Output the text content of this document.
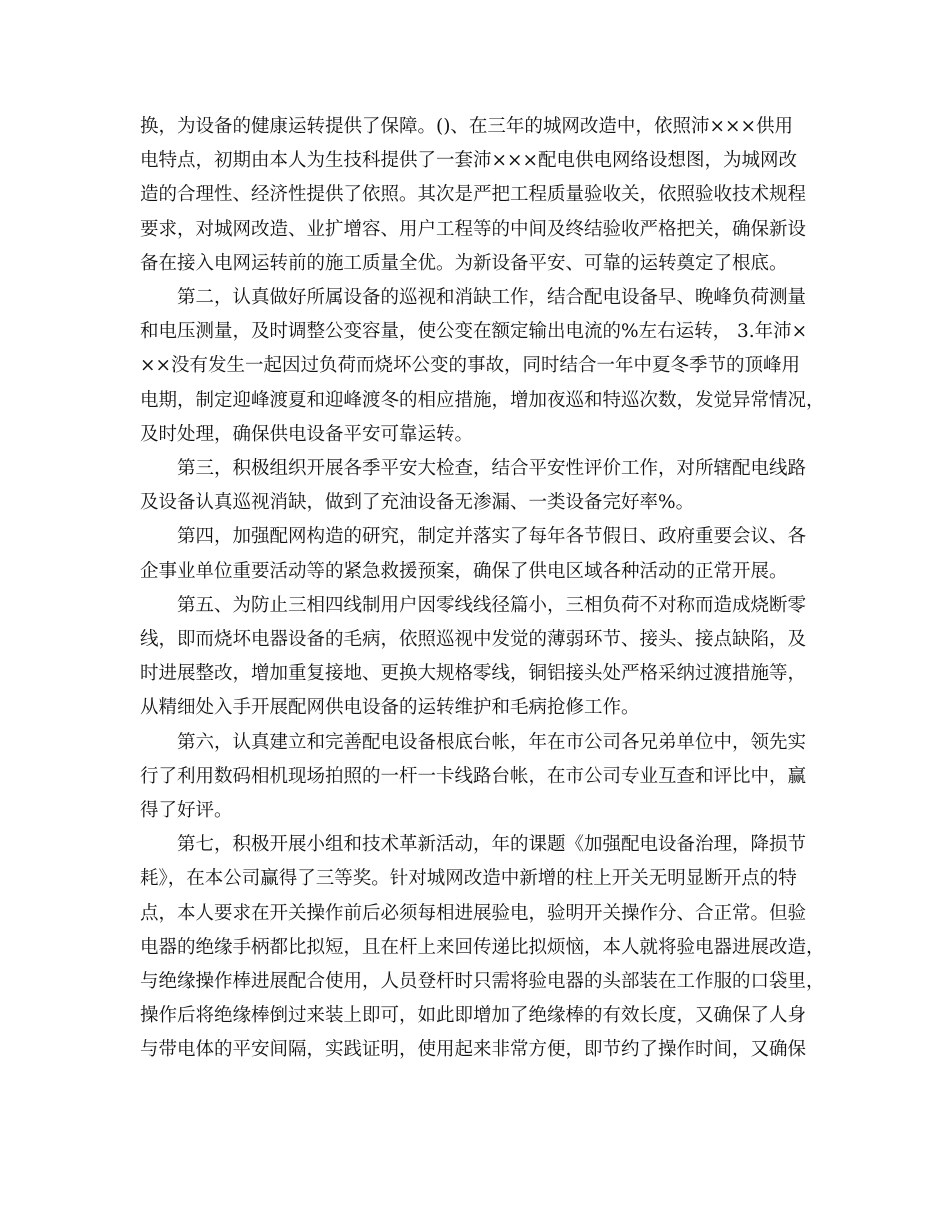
换，为设备的健康运转提供了保障。()、在三年的城网改造中，依照沛×××供用
电特点，初期由本人为生技科提供了一套沛×××配电供电网络设想图，为城网改
造的合理性、经济性提供了依照。其次是严把工程质量验收关，依照验收技术规程
要求，对城网改造、业扩增容、用户工程等的中间及终结验收严格把关，确保新设
备在接入电网运转前的施工质量全优。为新设备平安、可靠的运转奠定了根底。

第二，认真做好所属设备的巡视和消缺工作，结合配电设备早、晚峰负荷测量
和电压测量，及时调整公变容量，使公变在额定输出电流的%左右运转， 3.年沛×
××没有发生一起因过负荷而烧坏公变的事故，同时结合一年中夏冬季节的顶峰用
电期，制定迎峰渡夏和迎峰渡冬的相应措施，增加夜巡和特巡次数，发觉异常情况，
及时处理，确保供电设备平安可靠运转。

第三，积极组织开展各季平安大检查，结合平安性评价工作，对所辖配电线路
及设备认真巡视消缺，做到了充油设备无渗漏、一类设备完好率%。

第四，加强配网构造的研究，制定并落实了每年各节假日、政府重要会议、各
企事业单位重要活动等的紧急救援预案，确保了供电区域各种活动的正常开展。

第五、为防止三相四线制用户因零线线径篇小，三相负荷不对称而造成烧断零
线，即而烧坏电器设备的毛病，依照巡视中发觉的薄弱环节、接头、接点缺陷，及
时进展整改，增加重复接地、更换大规格零线，铜铝接头处严格采纳过渡措施等，
从精细处入手开展配网供电设备的运转维护和毛病抢修工作。

第六，认真建立和完善配电设备根底台帐，年在市公司各兄弟单位中，领先实
行了利用数码相机现场拍照的一杆一卡线路台帐，在市公司专业互查和评比中，赢
得了好评。

第七，积极开展小组和技术革新活动，年的课题《加强配电设备治理，降损节
耗》，在本公司赢得了三等奖。针对城网改造中新增的柱上开关无明显断开点的特
点，本人要求在开关操作前后必须每相进展验电，验明开关操作分、合正常。但验
电器的绝缘手柄都比拟短，且在杆上来回传递比拟烦恼，本人就将验电器进展改造，
与绝缘操作棒进展配合使用，人员登杆时只需将验电器的头部装在工作服的口袋里，
操作后将绝缘棒倒过来装上即可，如此即增加了绝缘棒的有效长度，又确保了人身
与带电体的平安间隔，实践证明，使用起来非常方便，即节约了操作时间，又确保
